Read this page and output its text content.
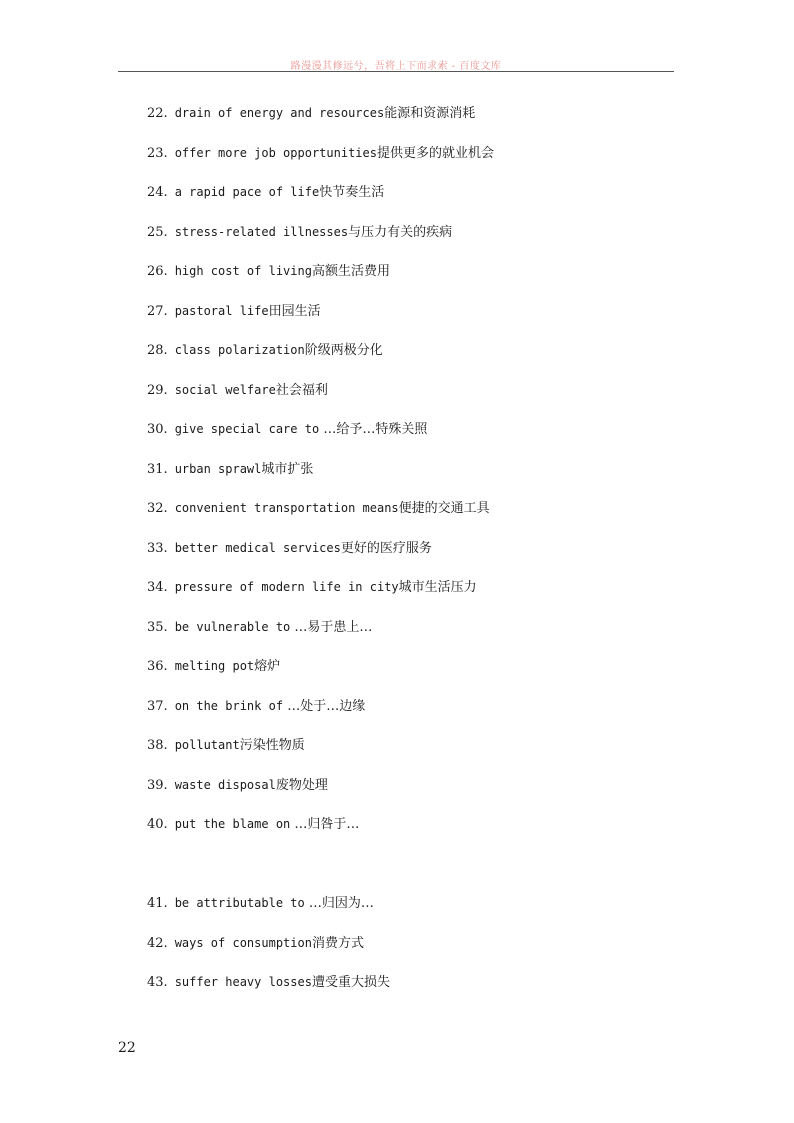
路漫漫其修远兮，吾将上下而求索 - 百度文库
22. drain of energy and resources能源和资源消耗
23. offer more job opportunities提供更多的就业机会
24. a rapid pace of life快节奏生活
25. stress-related illnesses与压力有关的疾病
26. high cost of living高额生活费用
27. pastoral life田园生活
28. class polarization阶级两极分化
29. social welfare社会福利
30. give special care to …给予…特殊关照
31. urban sprawl城市扩张
32. convenient transportation means便捷的交通工具
33. better medical services更好的医疗服务
34. pressure of modern life in city城市生活压力
35. be vulnerable to …易于患上…
36. melting pot熔炉
37. on the brink of …处于…边缘
38. pollutant污染性物质
39. waste disposal废物处理
40. put the blame on …归咎于…
41. be attributable to …归因为…
42. ways of consumption消费方式
43. suffer heavy losses遭受重大损失
22
